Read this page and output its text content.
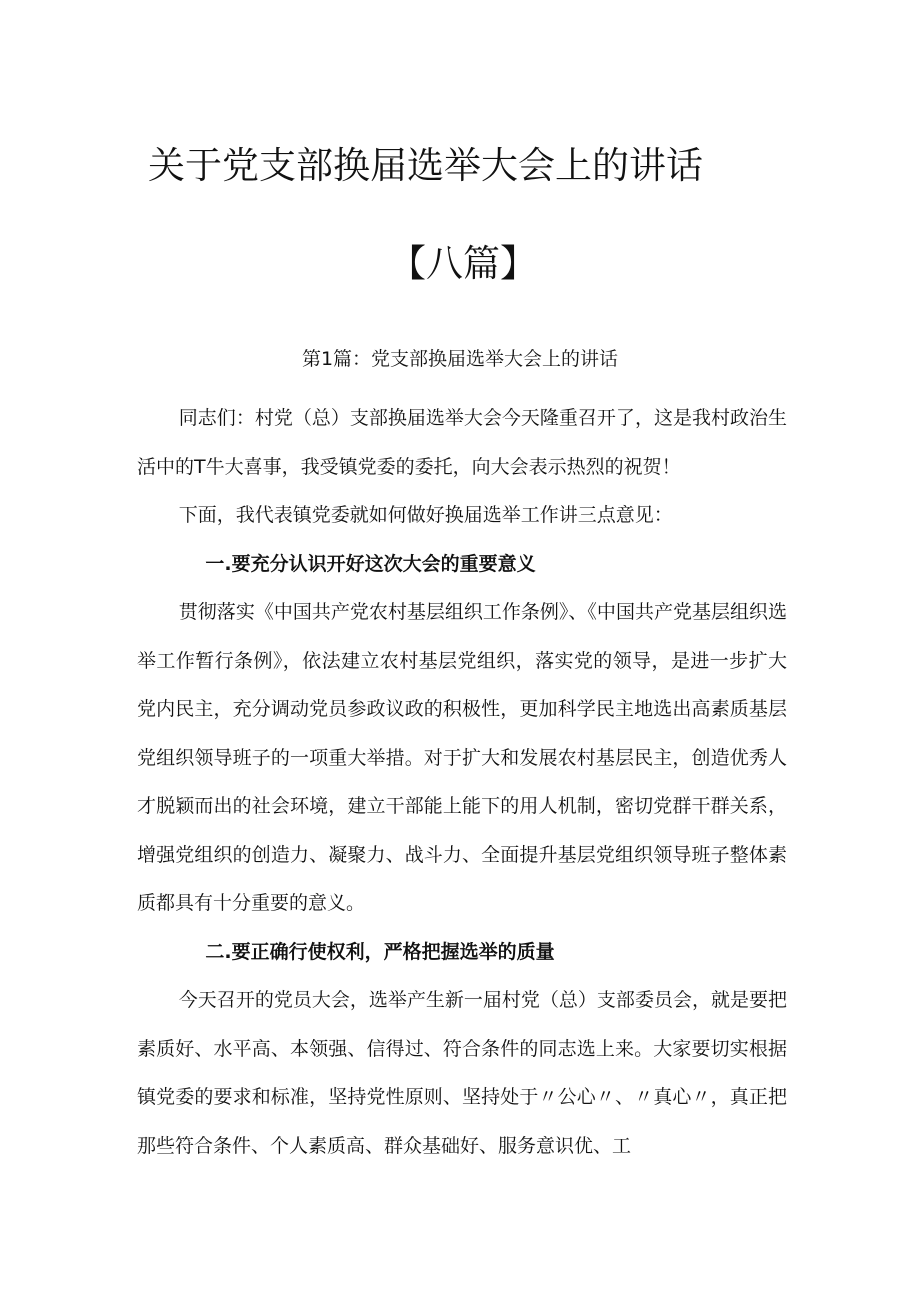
关于党支部换届选举大会上的讲话
【八篇】
第1篇：党支部换届选举大会上的讲话

同志们：村党（总）支部换届选举大会今天隆重召开了，这是我村政治生活中的T牛大喜事，我受镇党委的委托，向大会表示热烈的祝贺！

下面，我代表镇党委就如何做好换届选举工作讲三点意见：

一.要充分认识开好这次大会的重要意义

贯彻落实《中国共产党农村基层组织工作条例》、《中国共产党基层组织选举工作暂行条例》，依法建立农村基层党组织，落实党的领导，是进一步扩大党内民主，充分调动党员参政议政的积极性，更加科学民主地选出高素质基层党组织领导班子的一项重大举措。对于扩大和发展农村基层民主，创造优秀人才脱颖而出的社会环境，建立干部能上能下的用人机制，密切党群干群关系，增强党组织的创造力、凝聚力、战斗力、全面提升基层党组织领导班子整体素质都具有十分重要的意义。

二.要正确行使权利，严格把握选举的质量

今天召开的党员大会，选举产生新一届村党（总）支部委员会，就是要把素质好、水平高、本领强、信得过、符合条件的同志选上来。大家要切实根据镇党委的要求和标准，坚持党性原则、坚持处于〃公心〃、〃真心〃，真正把那些符合条件、个人素质高、群众基础好、服务意识优、工
